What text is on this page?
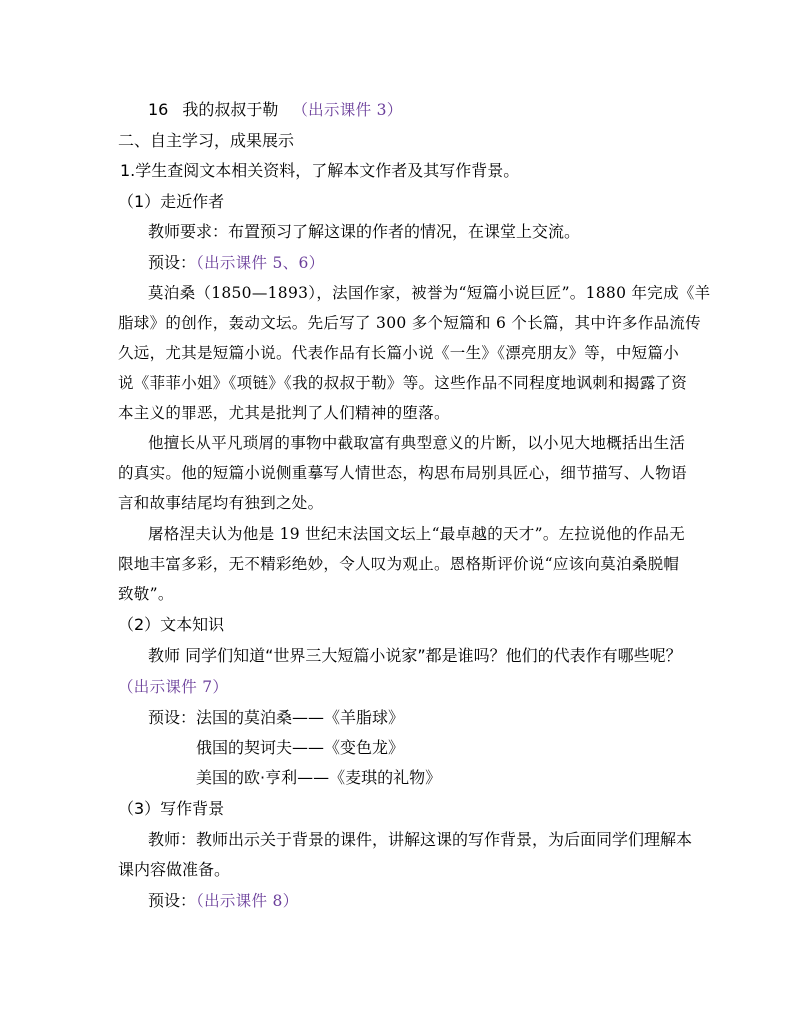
16 我的叔叔于勒 （出示课件 3）
二、自主学习，成果展示
1.学生查阅文本相关资料，了解本文作者及其写作背景。
（1）走近作者
教师要求：布置预习了解这课的作者的情况，在课堂上交流。
预设：（出示课件 5、6）
莫泊桑（1850—1893），法国作家，被誉为“短篇小说巨匠”。1880 年完成《羊
脂球》的创作，轰动文坛。先后写了 300 多个短篇和 6 个长篇，其中许多作品流传
久远，尤其是短篇小说。代表作品有长篇小说《一生》《漂亮朋友》等，中短篇小
说《菲菲小姐》《项链》《我的叔叔于勒》等。这些作品不同程度地讽刺和揭露了资
本主义的罪恶，尤其是批判了人们精神的堕落。
他擅长从平凡琐屑的事物中截取富有典型意义的片断，以小见大地概括出生活
的真实。他的短篇小说侧重摹写人情世态，构思布局别具匠心，细节描写、人物语
言和故事结尾均有独到之处。
屠格涅夫认为他是 19 世纪末法国文坛上“最卓越的天才”。左拉说他的作品无
限地丰富多彩，无不精彩绝妙，令人叹为观止。恩格斯评价说“应该向莫泊桑脱帽
致敬”。
（2）文本知识
教师 同学们知道“世界三大短篇小说家”都是谁吗？他们的代表作有哪些呢？
（出示课件 7）
预设：法国的莫泊桑——《羊脂球》
俄国的契诃夫——《变色龙》
美国的欧·亨利——《麦琪的礼物》
（3）写作背景
教师：教师出示关于背景的课件，讲解这课的写作背景，为后面同学们理解本
课内容做准备。
预设：（出示课件 8）
